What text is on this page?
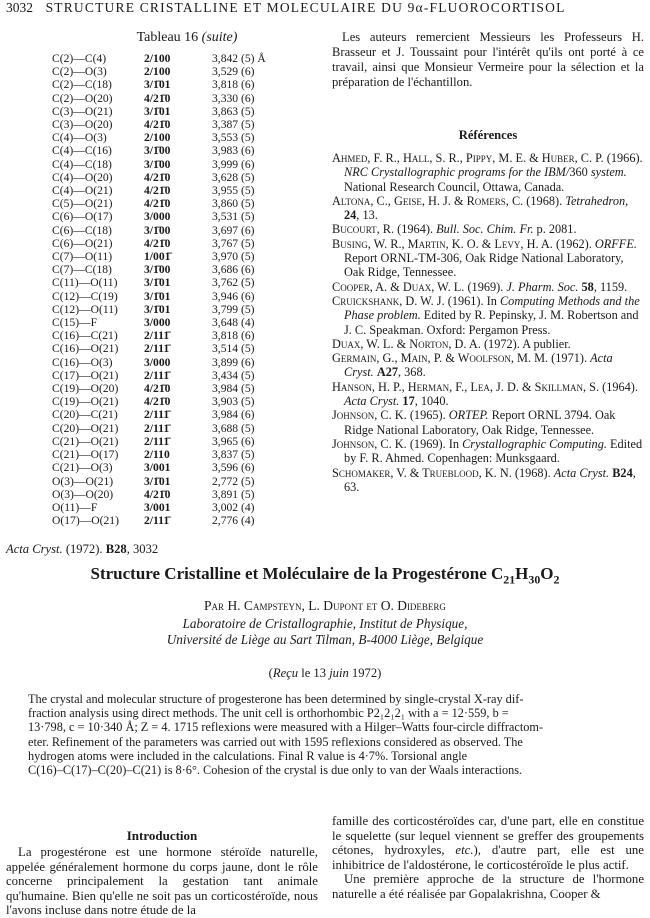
3032 STRUCTURE CRISTALLINE ET MOLECULAIRE DU 9α-FLUOROCORTISOL
Tableau 16 (suite)
C(2)—C(4)	2/100	3,842 (5) Å
C(2)—O(3)	2/100	3,529 (6)
C(2)—C(18)	3/1̄01	3,818 (6)
C(2)—O(20)	4/21̄0	3,330 (6)
C(3)—O(21)	3/1̄01	3,863 (5)
C(3)—O(20)	4/21̄0	3,387 (5)
C(4)—O(3)	2/100	3,553 (5)
C(4)—C(16)	3/1̄00	3,983 (6)
C(4)—C(18)	3/1̄00	3,999 (6)
C(4)—O(20)	4/21̄0	3,628 (5)
C(4)—O(21)	4/21̄0	3,955 (5)
C(5)—O(21)	4/21̄0	3,860 (5)
C(6)—O(17)	3/000	3,531 (5)
C(6)—C(18)	3/1̄00	3,697 (6)
C(6)—O(21)	4/21̄0	3,767 (5)
C(7)—O(11)	1/001̄	3,970 (5)
C(7)—C(18)	3/1̄00	3,686 (6)
C(11)—O(11)	3/1̄01	3,762 (5)
C(12)—C(19)	3/1̄01	3,946 (6)
C(12)—O(11)	3/1̄01	3,799 (5)
C(15)—F	3/000	3,648 (4)
C(16)—C(21)	2/111̄	3,818 (6)
C(16)—O(21)	2/111̄	3,514 (5)
C(16)—O(3)	3/000	3,899 (6)
C(17)—O(21)	2/111̄	3,434 (5)
C(19)—O(20)	4/21̄0	3,984 (5)
C(19)—O(21)	4/21̄0	3,903 (5)
C(20)—C(21)	2/111̄	3,984 (6)
C(20)—O(21)	2/111̄	3,688 (5)
C(21)—O(21)	2/111̄	3,965 (6)
C(21)—O(17)	2/110	3,837 (5)
C(21)—O(3)	3/001	3,596 (6)
O(3)—O(21)	3/1̄01	2,772 (5)
O(3)—O(20)	4/21̄0	3,891 (5)
O(11)—F	3/001	3,002 (4)
O(17)—O(21)	2/111̄	2,776 (4)

Les auteurs remercient Messieurs les Professeurs H. Brasseur et J. Toussaint pour l'intérêt qu'ils ont porté à ce travail, ainsi que Monsieur Vermeire pour la sélection et la préparation de l'échantillon.

Références

Ahmed, F. R., Hall, S. R., Pippy, M. E. & Huber, C. P. (1966). NRC Crystallographic programs for the IBM/360 system. National Research Council, Ottawa, Canada.

Altona, C., Geise, H. J. & Romers, C. (1968). Tetrahedron, 24, 13.

Bucourt, R. (1964). Bull. Soc. Chim. Fr. p. 2081.

Busing, W. R., Martin, K. O. & Levy, H. A. (1962). ORFFE. Report ORNL-TM-306, Oak Ridge National Laboratory, Oak Ridge, Tennessee.

Cooper, A. & Duax, W. L. (1969). J. Pharm. Soc. 58, 1159.

Cruickshank, D. W. J. (1961). In Computing Methods and the Phase problem. Edited by R. Pepinsky, J. M. Robertson and J. C. Speakman. Oxford: Pergamon Press.

Duax, W. L. & Norton, D. A. (1972). A publier.

Germain, G., Main, P. & Woolfson, M. M. (1971). Acta Cryst. A27, 368.

Hanson, H. P., Herman, F., Lea, J. D. & Skillman, S. (1964). Acta Cryst. 17, 1040.

Johnson, C. K. (1965). ORTEP. Report ORNL 3794. Oak Ridge National Laboratory, Oak Ridge, Tennessee.

Johnson, C. K. (1969). In Crystallographic Computing. Edited by F. R. Ahmed. Copenhagen: Munksgaard.

Schomaker, V. & Trueblood, K. N. (1968). Acta Cryst. B24, 63.

Acta Cryst. (1972). B28, 3032
Structure Cristalline et Moléculaire de la Progestérone $C_{21}H_{30}O_2$
Par H. Campsteyn, L. Dupont et O. Dideberg
Laboratoire de Cristallographie, Institut de Physique,
Université de Liège au Sart Tilman, B-4000 Liège, Belgique
(Reçu le 13 juin 1972)
The crystal and molecular structure of progesterone has been determined by single-crystal X-ray dif-
fraction analysis using direct methods. The unit cell is orthorhombic P2₁2₁2₁ with a = 12·559, b =
13·798, c = 10·340 Å; Z = 4. 1715 reflexions were measured with a Hilger–Watts four-circle diffractom-
eter. Refinement of the parameters was carried out with 1595 reflexions considered as observed. The
hydrogen atoms were included in the calculations. Final R value is 4·7%. Torsional angle
C(16)–C(17)–C(20)–C(21) is 8·6°. Cohesion of the crystal is due only to van der Waals interactions.
Introduction

La progestérone est une hormone stéroïde naturelle, appelée généralement hormone du corps jaune, dont le rôle concerne principalement la gestation tant animale qu'humaine. Bien qu'elle ne soit pas un corticostéroïde, nous l'avons incluse dans notre étude de la

famille des corticostéroïdes car, d'une part, elle en constitue le squelette (sur lequel viennent se greffer des groupements cétones, hydroxyles, etc.), d'autre part, elle est une inhibitrice de l'aldostérone, le corticostéroïde le plus actif.
Une première approche de la structure de l'hormone naturelle a été réalisée par Gopalakrishna, Cooper &
